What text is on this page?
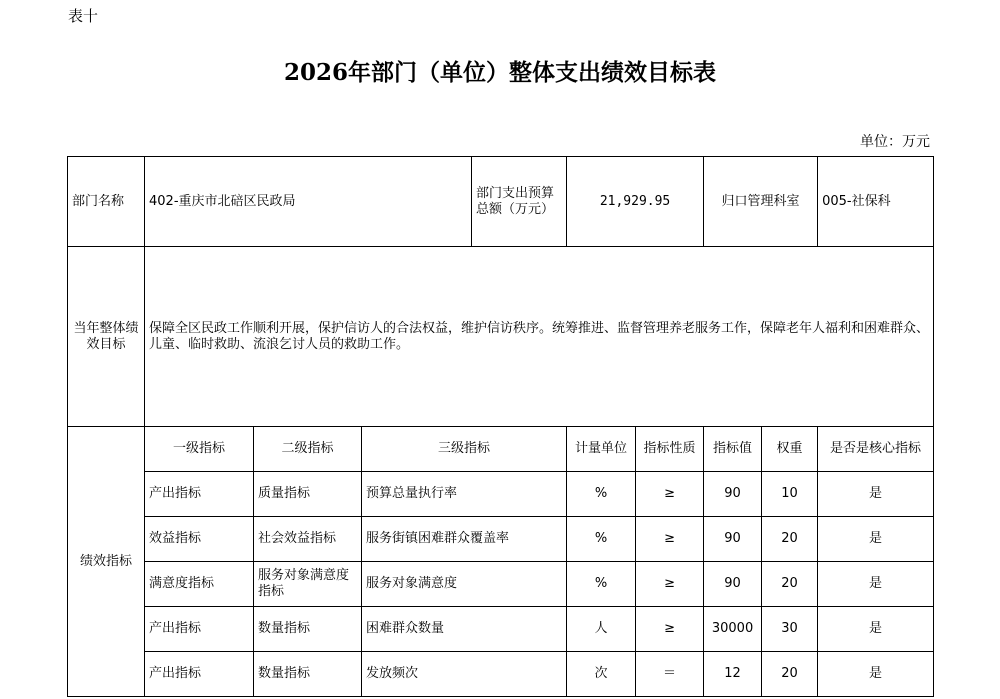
表十
2026年部门（单位）整体支出绩效目标表
单位：万元
部门名称	402-重庆市北碚区民政局			部门支出预算总额（万元）	21,929.95		归口管理科室		005-社保科
当年整体绩效目标	保障全区民政工作顺利开展，保护信访人的合法权益，维护信访秩序。统筹推进、监督管理养老服务工作，保障老年人福利和困难群众、儿童、临时救助、流浪乞讨人员的救助工作。								
绩效指标	一级指标	二级指标	三级指标		计量单位	指标性质	指标值	权重	是否是核心指标
	产出指标	质量指标	预算总量执行率		%	≥	90	10	是
	效益指标	社会效益指标	服务街镇困难群众覆盖率		%	≥	90	20	是
	满意度指标	服务对象满意度指标	服务对象满意度		%	≥	90	20	是
	产出指标	数量指标	困难群众数量		人	≥	30000	30	是
	产出指标	数量指标	发放频次		次	＝	12	20	是
